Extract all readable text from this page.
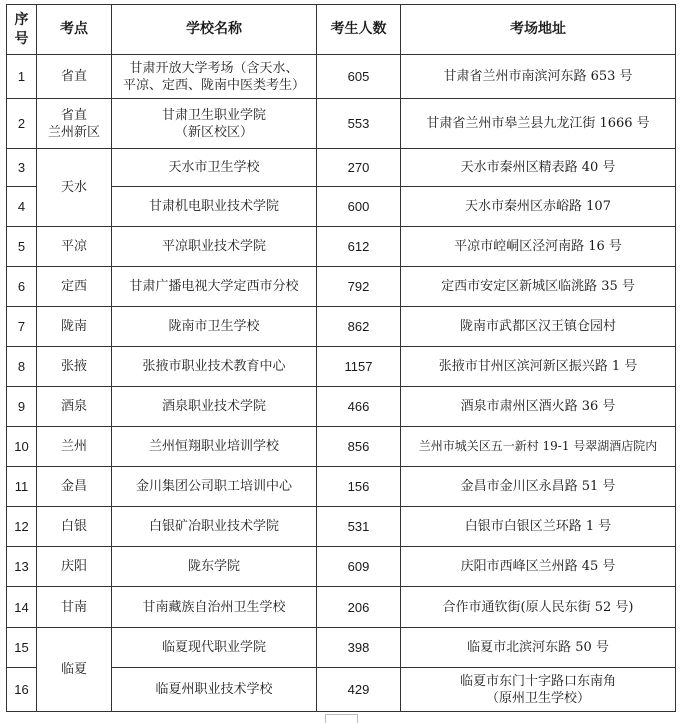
序号	考点	学校名称	考生人数	考场地址
1	省直	甘肃开放大学考场（含天水、
平凉、定西、陇南中医类考生）	605	甘肃省兰州市南滨河东路 653 号
2	省直
兰州新区	甘肃卫生职业学院
（新区校区）	553	甘肃省兰州市皋兰县九龙江街 1666 号
3	天水	天水市卫生学校	270	天水市秦州区精表路 40 号
4		甘肃机电职业技术学院	600	天水市秦州区赤峪路 107
5	平凉	平凉职业技术学院	612	平凉市崆峒区泾河南路 16 号
6	定西	甘肃广播电视大学定西市分校	792	定西市安定区新城区临洮路 35 号
7	陇南	陇南市卫生学校	862	陇南市武都区汉王镇仓园村
8	张掖	张掖市职业技术教育中心	1157	张掖市甘州区滨河新区振兴路 1 号
9	酒泉	酒泉职业技术学院	466	酒泉市肃州区酒火路 36 号
10	兰州	兰州恒翔职业培训学校	856	兰州市城关区五一新村 19-1 号翠湖酒店院内
11	金昌	金川集团公司职工培训中心	156	金昌市金川区永昌路 51 号
12	白银	白银矿冶职业技术学院	531	白银市白银区兰环路 1 号
13	庆阳	陇东学院	609	庆阳市西峰区兰州路 45 号
14	甘南	甘南藏族自治州卫生学校	206	合作市通钦街(原人民东街 52 号)
15	临夏	临夏现代职业学院	398	临夏市北滨河东路 50 号
16		临夏州职业技术学校	429	临夏市东门十字路口东南角
（原州卫生学校）
